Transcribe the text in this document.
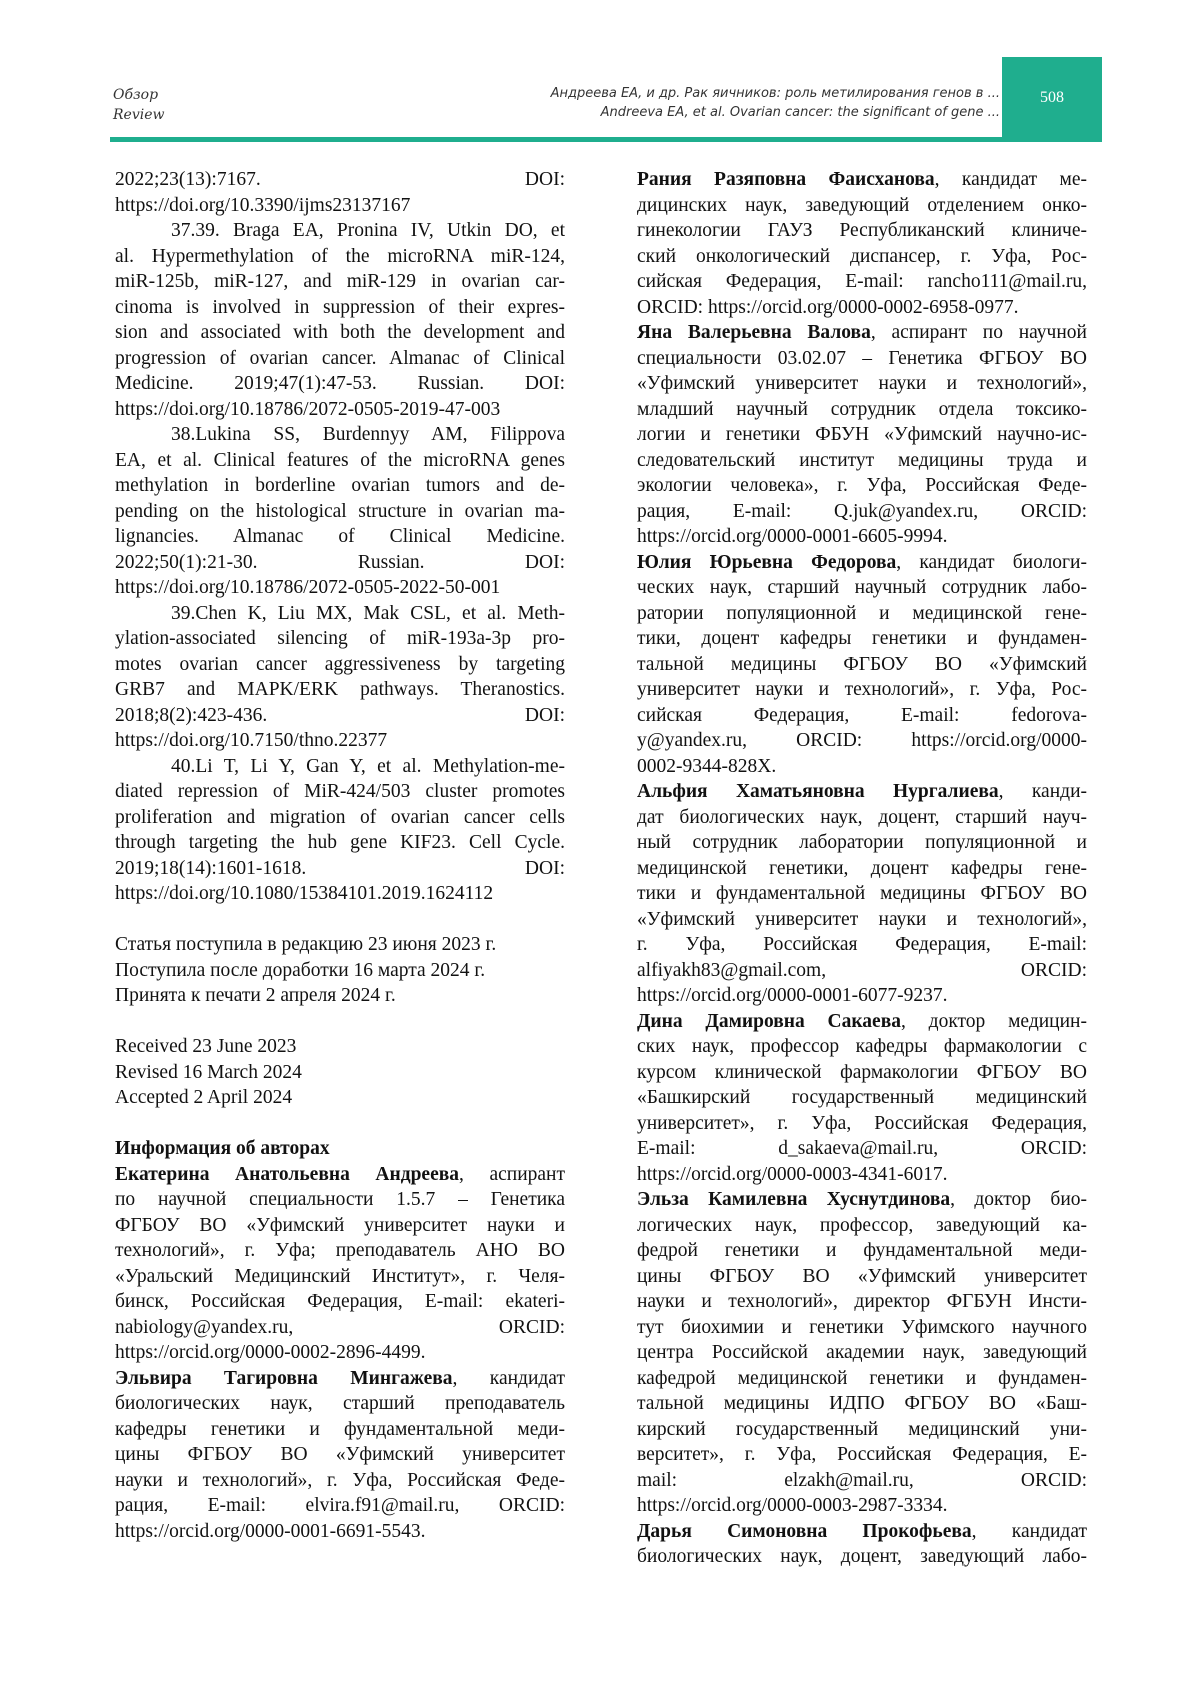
Обзор
Review
Андреева ЕА, и др. Рак яичников: роль метилирования генов в ...
Andreeva EA, et al. Ovarian cancer: the significant of gene ...
508
2022;23(13):7167. DOI:
https://doi.org/10.3390/ijms23137167
37.39. Braga EA, Pronina IV, Utkin DO, et
al. Hypermethylation of the microRNA miR-124,
miR-125b, miR-127, and miR-129 in ovarian car-
cinoma is involved in suppression of their expres-
sion and associated with both the development and
progression of ovarian cancer. Almanac of Clinical
Medicine. 2019;47(1):47-53. Russian. DOI:
https://doi.org/10.18786/2072-0505-2019-47-003
38.Lukina SS, Burdennyy AM, Filippova
EA, et al. Clinical features of the microRNA genes
methylation in borderline ovarian tumors and de-
pending on the histological structure in ovarian ma-
lignancies. Almanac of Clinical Medicine.
2022;50(1):21-30. Russian. DOI:
https://doi.org/10.18786/2072-0505-2022-50-001
39.Chen K, Liu MX, Mak CSL, et al. Meth-
ylation-associated silencing of miR-193a-3p pro-
motes ovarian cancer aggressiveness by targeting
GRB7 and MAPK/ERK pathways. Theranostics.
2018;8(2):423-436. DOI:
https://doi.org/10.7150/thno.22377
40.Li T, Li Y, Gan Y, et al. Methylation-me-
diated repression of MiR-424/503 cluster promotes
proliferation and migration of ovarian cancer cells
through targeting the hub gene KIF23. Cell Cycle.
2019;18(14):1601-1618. DOI:
https://doi.org/10.1080/15384101.2019.1624112
Статья поступила в редакцию 23 июня 2023 г.
Поступила после доработки 16 марта 2024 г.
Принята к печати 2 апреля 2024 г.
Received 23 June 2023
Revised 16 March 2024
Accepted 2 April 2024
Информация об авторах
Екатерина Анатольевна Андреева, аспирант
по научной специальности 1.5.7 – Генетика
ФГБОУ ВО «Уфимский университет науки и
технологий», г. Уфа; преподаватель АНО ВО
«Уральский Медицинский Институт», г. Челя-
бинск, Российская Федерация, E-mail: ekateri-
nabiology@yandex.ru, ORCID:
https://orcid.org/0000-0002-2896-4499.
Эльвира Тагировна Мингажева, кандидат
биологических наук, старший преподаватель
кафедры генетики и фундаментальной меди-
цины ФГБОУ ВО «Уфимский университет
науки и технологий», г. Уфа, Российская Феде-
рация, E-mail: elvira.f91@mail.ru, ORCID:
https://orcid.org/0000-0001-6691-5543.
Рания Разяповна Фаисханова, кандидат ме-
дицинских наук, заведующий отделением онко-
гинекологии ГАУЗ Республиканский клиниче-
ский онкологический диспансер, г. Уфа, Рос-
сийская Федерация, E-mail: rancho111@mail.ru,
ORCID: https://orcid.org/0000-0002-6958-0977.
Яна Валерьевна Валова, аспирант по научной
специальности 03.02.07 – Генетика ФГБОУ ВО
«Уфимский университет науки и технологий»,
младший научный сотрудник отдела токсико-
логии и генетики ФБУН «Уфимский научно-ис-
следовательский институт медицины труда и
экологии человека», г. Уфа, Российская Феде-
рация, E-mail: Q.juk@yandex.ru, ORCID:
https://orcid.org/0000-0001-6605-9994.
Юлия Юрьевна Федорова, кандидат биологи-
ческих наук, старший научный сотрудник лабо-
ратории популяционной и медицинской гене-
тики, доцент кафедры генетики и фундамен-
тальной медицины ФГБОУ ВО «Уфимский
университет науки и технологий», г. Уфа, Рос-
сийская Федерация, E-mail: fedorova-
y@yandex.ru, ORCID: https://orcid.org/0000-
0002-9344-828X.
Альфия Хаматьяновна Нургалиева, канди-
дат биологических наук, доцент, старший науч-
ный сотрудник лаборатории популяционной и
медицинской генетики, доцент кафедры гене-
тики и фундаментальной медицины ФГБОУ ВО
«Уфимский университет науки и технологий»,
г. Уфа, Российская Федерация, E-mail:
alfiyakh83@gmail.com, ORCID:
https://orcid.org/0000-0001-6077-9237.
Дина Дамировна Сакаева, доктор медицин-
ских наук, профессор кафедры фармакологии с
курсом клинической фармакологии ФГБОУ ВО
«Башкирский государственный медицинский
университет», г. Уфа, Российская Федерация,
E-mail: d_sakaeva@mail.ru, ORCID:
https://orcid.org/0000-0003-4341-6017.
Эльза Камилевна Хуснутдинова, доктор био-
логических наук, профессор, заведующий ка-
федрой генетики и фундаментальной меди-
цины ФГБОУ ВО «Уфимский университет
науки и технологий», директор ФГБУН Инсти-
тут биохимии и генетики Уфимского научного
центра Российской академии наук, заведующий
кафедрой медицинской генетики и фундамен-
тальной медицины ИДПО ФГБОУ ВО «Баш-
кирский государственный медицинский уни-
верситет», г. Уфа, Российская Федерация, E-
mail: elzakh@mail.ru, ORCID:
https://orcid.org/0000-0003-2987-3334.
Дарья Симоновна Прокофьева, кандидат
биологических наук, доцент, заведующий лабо-
